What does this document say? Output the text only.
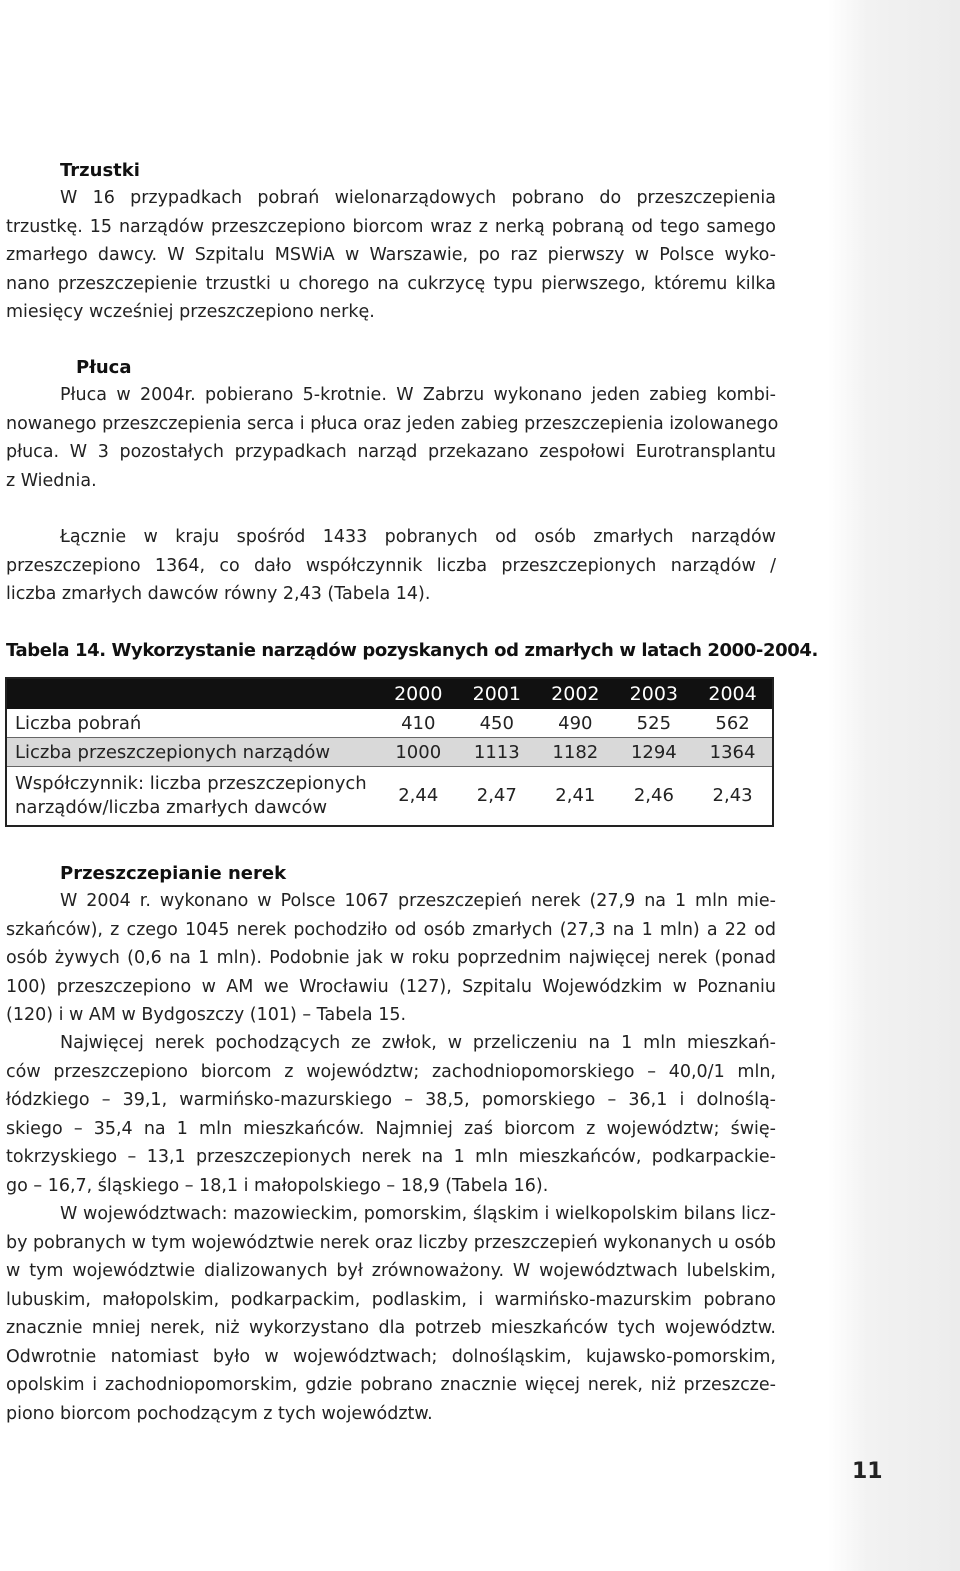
Trzustki
W 16 przypadkach pobrań wielonarządowych pobrano do przeszczepienia
trzustkę. 15 narządów przeszczepiono biorcom wraz z nerką pobraną od tego samego
zmarłego dawcy. W Szpitalu MSWiA w Warszawie, po raz pierwszy w Polsce wyko-
nano przeszczepienie trzustki u chorego na cukrzycę typu pierwszego, któremu kilka
miesięcy wcześniej przeszczepiono nerkę.
Płuca
Płuca w 2004r. pobierano 5-krotnie. W Zabrzu wykonano jeden zabieg kombi-
nowanego przeszczepienia serca i płuca oraz jeden zabieg przeszczepienia izolowanego
płuca. W 3 pozostałych przypadkach narząd przekazano zespołowi Eurotransplantu
z Wiednia.
Łącznie w kraju spośród 1433 pobranych od osób zmarłych narządów
przeszczepiono 1364, co dało współczynnik liczba przeszczepionych narządów /
liczba zmarłych dawców równy 2,43 (Tabela 14).
Tabela 14. Wykorzystanie narządów pozyskanych od zmarłych w latach 2000-2004.
	2000	2001	2002	2003	2004
Liczba pobrań	410	450	490	525	562
Liczba przeszczepionych narządów	1000	1113	1182	1294	1364

Współczynnik: liczba przeszczepionych
narządów/liczba zmarłych dawców	2,44	2,47	2,41	2,46	2,43
Przeszczepianie nerek
W 2004 r. wykonano w Polsce 1067 przeszczepień nerek (27,9 na 1 mln mie-
szkańców), z czego 1045 nerek pochodziło od osób zmarłych (27,3 na 1 mln) a 22 od
osób żywych (0,6 na 1 mln). Podobnie jak w roku poprzednim najwięcej nerek (ponad
100) przeszczepiono w AM we Wrocławiu (127), Szpitalu Wojewódzkim w Poznaniu
(120) i w AM w Bydgoszczy (101) – Tabela 15.
Najwięcej nerek pochodzących ze zwłok, w przeliczeniu na 1 mln mieszkań-
ców przeszczepiono biorcom z województw; zachodniopomorskiego – 40,0/1 mln,
łódzkiego – 39,1, warmińsko-mazurskiego – 38,5, pomorskiego – 36,1 i dolnoślą-
skiego – 35,4 na 1 mln mieszkańców. Najmniej zaś biorcom z województw; świę-
tokrzyskiego – 13,1 przeszczepionych nerek na 1 mln mieszkańców, podkarpackie-
go – 16,7, śląskiego – 18,1 i małopolskiego – 18,9 (Tabela 16).
W województwach: mazowieckim, pomorskim, śląskim i wielkopolskim bilans licz-
by pobranych w tym województwie nerek oraz liczby przeszczepień wykonanych u osób
w tym województwie dializowanych był zrównoważony. W województwach lubelskim,
lubuskim, małopolskim, podkarpackim, podlaskim, i warmińsko-mazurskim pobrano
znacznie mniej nerek, niż wykorzystano dla potrzeb mieszkańców tych województw.
Odwrotnie natomiast było w województwach; dolnośląskim, kujawsko-pomorskim,
opolskim i zachodniopomorskim, gdzie pobrano znacznie więcej nerek, niż przeszcze-
piono biorcom pochodzącym z tych województw.
11
